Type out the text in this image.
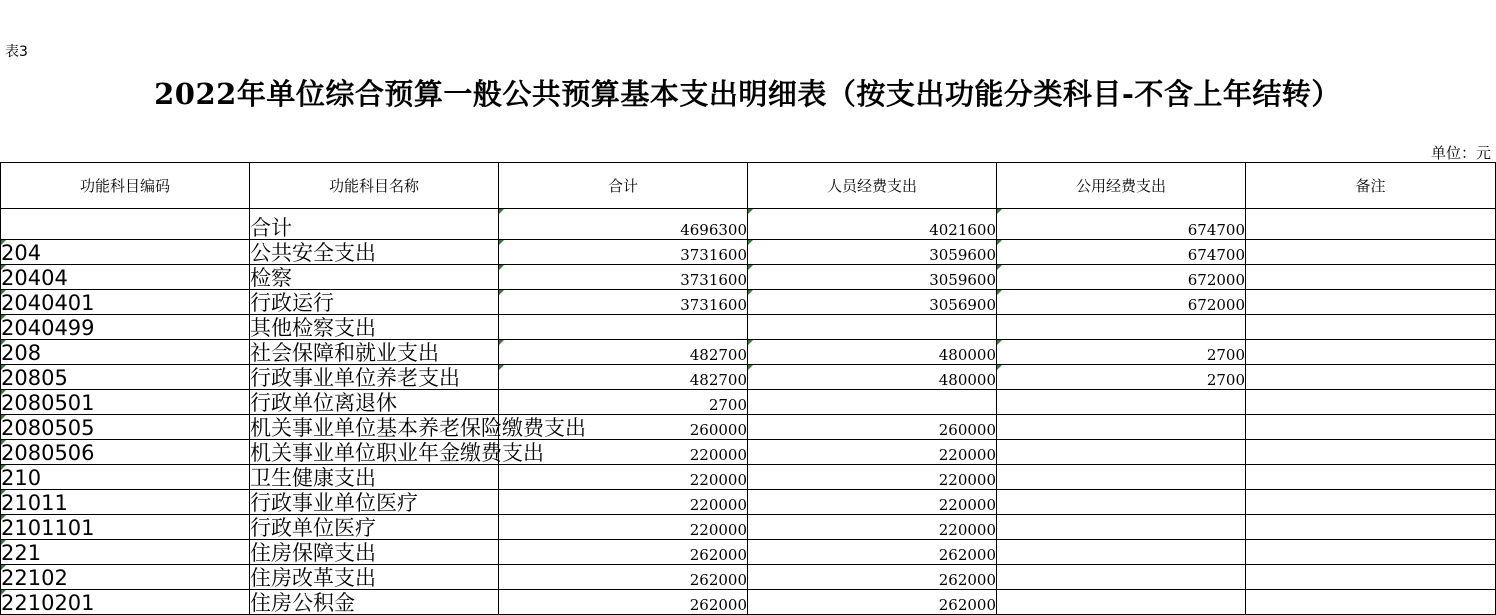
表3
2022年单位综合预算一般公共预算基本支出明细表（按支出功能分类科目-不含上年结转）
单位：元
功能科目编码	功能科目名称	合计	人员经费支出	公用经费支出	备注
	合计	4696300	4021600	674700	
204	公共安全支出	3731600	3059600	674700	
20404	检察	3731600	3059600	672000	
2040401	行政运行	3731600	3056900	672000	
2040499	其他检察支出				
208	社会保障和就业支出	482700	480000	2700	
20805	行政事业单位养老支出	482700	480000	2700	
2080501	行政单位离退休	2700			
2080505	机关事业单位基本养老保险缴费支出	260000	260000		
2080506	机关事业单位职业年金缴费支出	220000	220000		
210	卫生健康支出	220000	220000		
21011	行政事业单位医疗	220000	220000		
2101101	行政单位医疗	220000	220000		
221	住房保障支出	262000	262000		
22102	住房改革支出	262000	262000		
2210201	住房公积金	262000	262000		
